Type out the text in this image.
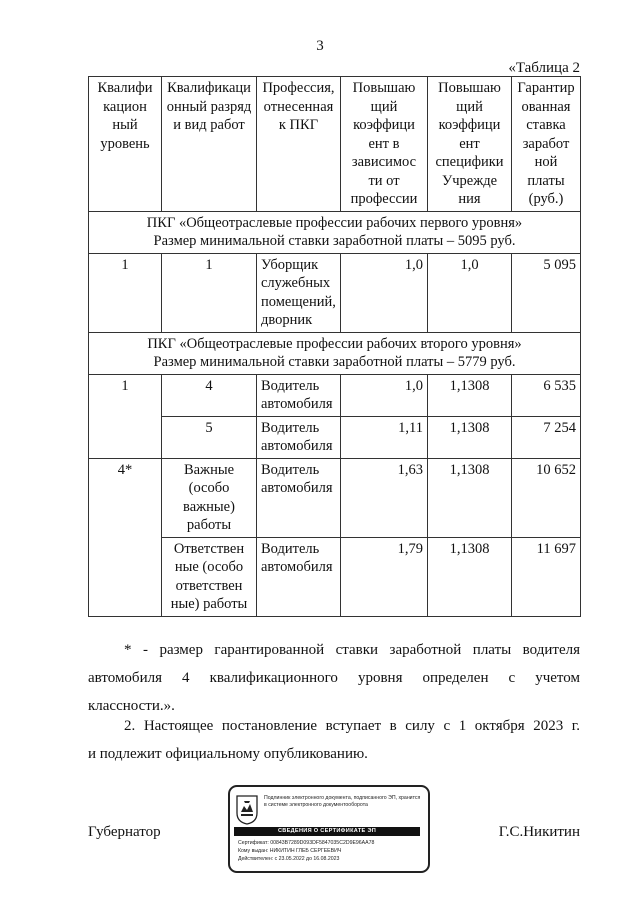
3
«Таблица 2
Квалифи кацион ный уровень	Квалификаци онный разряд и вид работ	Профессия, отнесенная к ПКГ	Повышаю щий коэффици ент в зависимос ти от профессии	Повышаю щий коэффици ент специфики Учрежде ния	Гарантир ованная ставка заработ ной платы (руб.)

ПКГ «Общеотраслевые профессии рабочих первого уровня»
Размер минимальной ставки заработной платы – 5095 руб.					

1	1	Уборщик служебных помещений, дворник	1,0	1,0	5 095

ПКГ «Общеотраслевые профессии рабочих второго уровня»
Размер минимальной ставки заработной платы – 5779 руб.					

1	4	Водитель автомобиля	1,0	1,1308	6 535
	5	Водитель автомобиля	1,11	1,1308	7 254
4*	Важные (особо важные) работы	Водитель автомобиля	1,63	1,1308	10 652
	Ответствен ные (особо ответствен ные) работы	Водитель автомобиля	1,79	1,1308	11 697
* - размер гарантированной ставки заработной платы водителя
автомобиля 4 квалификационного уровня определен с учетом
классности.».
2. Настоящее постановление вступает в силу с 1 октября 2023 г.
и подлежит официальному опубликованию.
Губернатор	Г.С.Никитин
Подлинник электронного документа, подписанного ЭП, хранится в системе электронного документооборота
СВЕДЕНИЯ О СЕРТИФИКАТЕ ЭП
Сертификат: 00843B7289D093DF5847035C2D9E96AA78
Кому выдан: НИКИТИН ГЛЕБ СЕРГЕЕВИЧ
Действителен: с 23.05.2022 до 16.08.2023
